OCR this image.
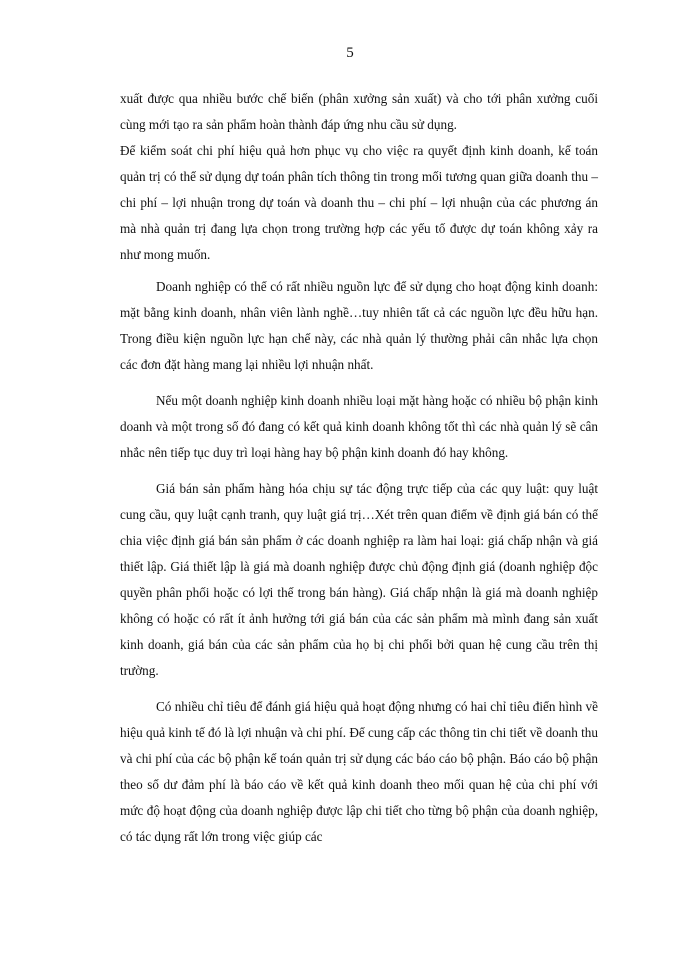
5

xuất được qua nhiều bước chế biến (phân xưởng sản xuất) và cho tới phân xưởng cuối cùng mới tạo ra sản phẩm hoàn thành đáp ứng nhu cầu sử dụng.

Để kiểm soát chi phí hiệu quả hơn phục vụ cho việc ra quyết định kinh doanh, kế toán quản trị có thể sử dụng dự toán phân tích thông tin trong mối tương quan giữa doanh thu – chi phí – lợi nhuận trong dự toán và doanh thu – chi phí – lợi nhuận của các phương án mà nhà quản trị đang lựa chọn trong trường hợp các yếu tố được dự toán không xảy ra như mong muốn.

Doanh nghiệp có thể có rất nhiều nguồn lực để sử dụng cho hoạt động kinh doanh: mặt bằng kinh doanh, nhân viên lành nghề…tuy nhiên tất cả các nguồn lực đều hữu hạn. Trong điều kiện nguồn lực hạn chế này, các nhà quản lý thường phải cân nhắc lựa chọn các đơn đặt hàng mang lại nhiều lợi nhuận nhất.

Nếu một doanh nghiệp kinh doanh nhiều loại mặt hàng hoặc có nhiều bộ phận kinh doanh và một trong số đó đang có kết quả kinh doanh không tốt thì các nhà quản lý sẽ cân nhắc nên tiếp tục duy trì loại hàng hay bộ phận kinh doanh đó hay không.

Giá bán sản phẩm hàng hóa chịu sự tác động trực tiếp của các quy luật: quy luật cung cầu, quy luật cạnh tranh, quy luật giá trị…Xét trên quan điểm về định giá bán có thể chia việc định giá bán sản phẩm ở các doanh nghiệp ra làm hai loại: giá chấp nhận và giá thiết lập. Giá thiết lập là giá mà doanh nghiệp được chủ động định giá (doanh nghiệp độc quyền phân phối hoặc có lợi thế trong bán hàng). Giá chấp nhận là giá mà doanh nghiệp không có hoặc có rất ít ảnh hưởng tới giá bán của các sản phẩm mà mình đang sản xuất kinh doanh, giá bán của các sản phẩm của họ bị chi phối bởi quan hệ cung cầu trên thị trường.

Có nhiều chỉ tiêu để đánh giá hiệu quả hoạt động nhưng có hai chỉ tiêu điển hình về hiệu quả kinh tế đó là lợi nhuận và chi phí. Để cung cấp các thông tin chi tiết về doanh thu và chi phí của các bộ phận kế toán quản trị sử dụng các báo cáo bộ phận. Báo cáo bộ phận theo số dư đảm phí là báo cáo về kết quả kinh doanh theo mối quan hệ của chi phí với mức độ hoạt động của doanh nghiệp được lập chi tiết cho từng bộ phận của doanh nghiệp, có tác dụng rất lớn trong việc giúp các
